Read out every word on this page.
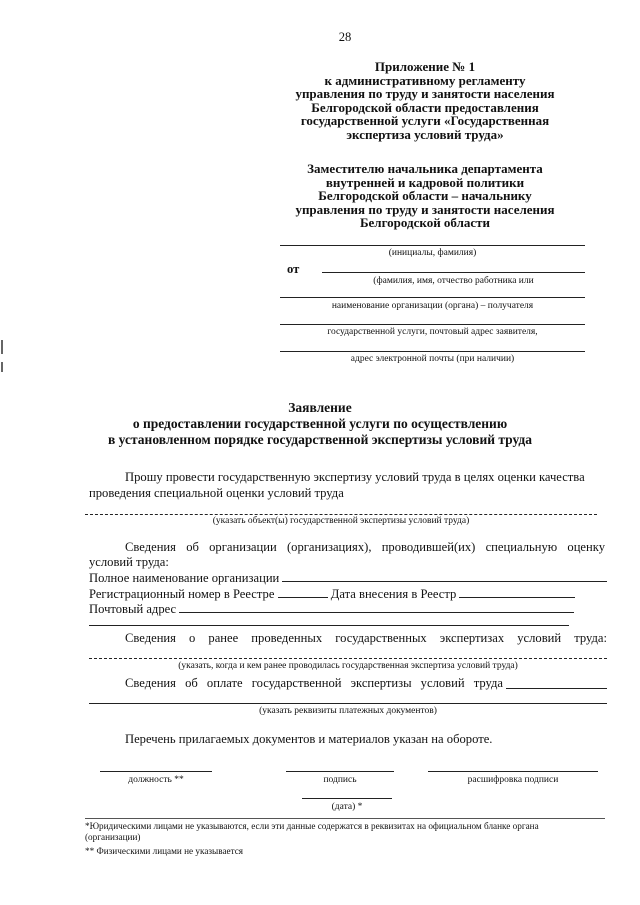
28
Приложение № 1
к административному регламенту
управления по труду и занятости населения
Белгородской области предоставления
государственной услуги «Государственная
экспертиза условий труда»
Заместителю начальника департамента
внутренней и кадровой политики
Белгородской области – начальнику
управления по труду и занятости населения
Белгородской области
(инициалы, фамилия)
от
(фамилия, имя, отчество работника или
наименование организации (органа) – получателя
государственной услуги, почтовый адрес заявителя,
адрес электронной почты (при наличии)
Заявление
о предоставлении государственной услуги по осуществлению
в установленном порядке государственной экспертизы условий труда
Прошу провести государственную экспертизу условий труда в целях оценки качества
проведения специальной оценки условий труда
(указать объект(ы) государственной экспертизы условий труда)
Сведения об организации (организациях), проводившей(их) специальную оценку
условий труда:
Полное наименование организации
Регистрационный номер в Реестре	Дата внесения в Реестр
Почтовый адрес
Сведения о ранее проведенных государственных экспертизах условий труда:
(указать, когда и кем ранее проводилась государственная экспертиза условий труда)
Сведения об оплате государственной экспертизы условий труда
(указать реквизиты платежных документов)
Перечень прилагаемых документов и материалов указан на обороте.
должность **	подпись	расшифровка подписи
(дата) *
*Юридическими лицами не указываются, если эти данные содержатся в реквизитах на официальном бланке органа
(организации)
** Физическими лицами не указывается
